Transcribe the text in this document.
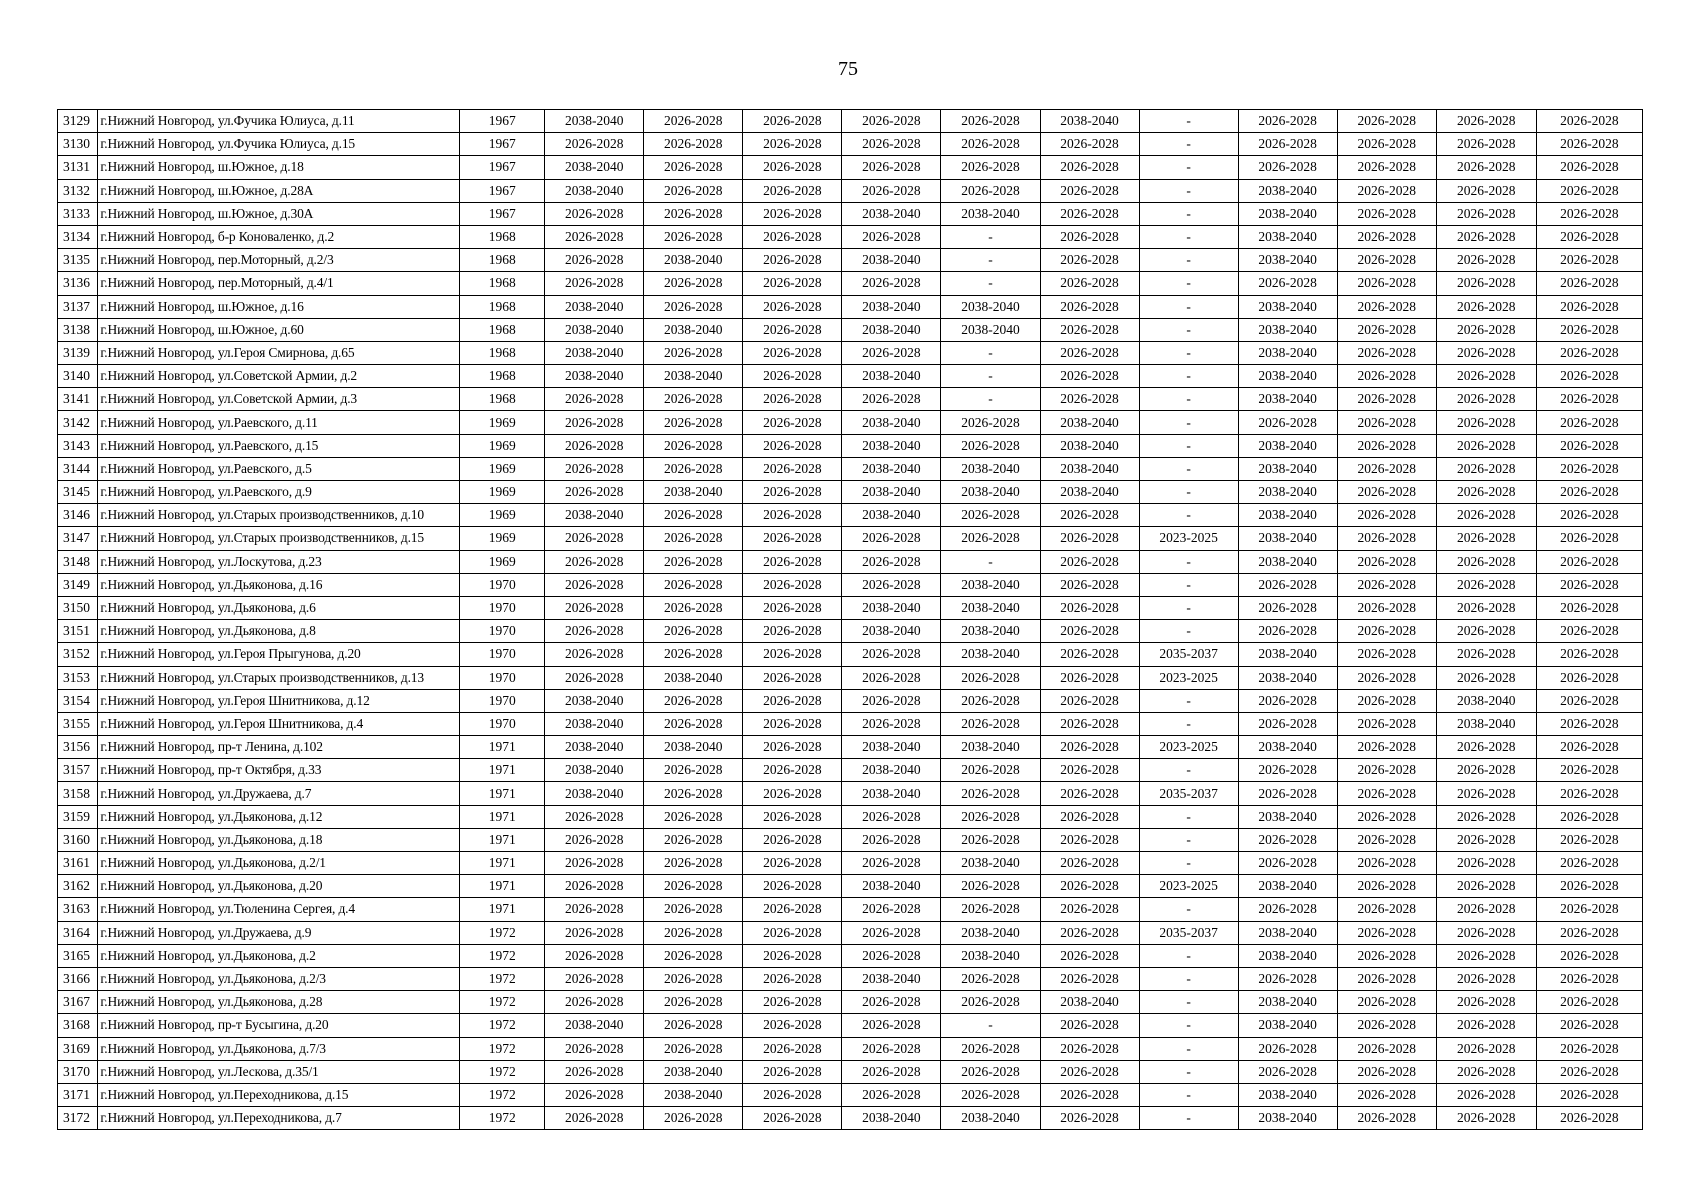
75
3129	г.Нижний Новгород, ул.Фучика Юлиуса, д.11	1967	2038-2040	2026-2028	2026-2028	2026-2028	2026-2028	2038-2040	-	2026-2028	2026-2028	2026-2028	2026-2028
3130	г.Нижний Новгород, ул.Фучика Юлиуса, д.15	1967	2026-2028	2026-2028	2026-2028	2026-2028	2026-2028	2026-2028	-	2026-2028	2026-2028	2026-2028	2026-2028
3131	г.Нижний Новгород, ш.Южное, д.18	1967	2038-2040	2026-2028	2026-2028	2026-2028	2026-2028	2026-2028	-	2026-2028	2026-2028	2026-2028	2026-2028
3132	г.Нижний Новгород, ш.Южное, д.28А	1967	2038-2040	2026-2028	2026-2028	2026-2028	2026-2028	2026-2028	-	2038-2040	2026-2028	2026-2028	2026-2028
3133	г.Нижний Новгород, ш.Южное, д.30А	1967	2026-2028	2026-2028	2026-2028	2038-2040	2038-2040	2026-2028	-	2038-2040	2026-2028	2026-2028	2026-2028
3134	г.Нижний Новгород, б-р Коноваленко, д.2	1968	2026-2028	2026-2028	2026-2028	2026-2028	-	2026-2028	-	2038-2040	2026-2028	2026-2028	2026-2028
3135	г.Нижний Новгород, пер.Моторный, д.2/3	1968	2026-2028	2038-2040	2026-2028	2038-2040	-	2026-2028	-	2038-2040	2026-2028	2026-2028	2026-2028
3136	г.Нижний Новгород, пер.Моторный, д.4/1	1968	2026-2028	2026-2028	2026-2028	2026-2028	-	2026-2028	-	2026-2028	2026-2028	2026-2028	2026-2028
3137	г.Нижний Новгород, ш.Южное, д.16	1968	2038-2040	2026-2028	2026-2028	2038-2040	2038-2040	2026-2028	-	2038-2040	2026-2028	2026-2028	2026-2028
3138	г.Нижний Новгород, ш.Южное, д.60	1968	2038-2040	2038-2040	2026-2028	2038-2040	2038-2040	2026-2028	-	2038-2040	2026-2028	2026-2028	2026-2028
3139	г.Нижний Новгород, ул.Героя Смирнова, д.65	1968	2038-2040	2026-2028	2026-2028	2026-2028	-	2026-2028	-	2038-2040	2026-2028	2026-2028	2026-2028
3140	г.Нижний Новгород, ул.Советской Армии, д.2	1968	2038-2040	2038-2040	2026-2028	2038-2040	-	2026-2028	-	2038-2040	2026-2028	2026-2028	2026-2028
3141	г.Нижний Новгород, ул.Советской Армии, д.3	1968	2026-2028	2026-2028	2026-2028	2026-2028	-	2026-2028	-	2038-2040	2026-2028	2026-2028	2026-2028
3142	г.Нижний Новгород, ул.Раевского, д.11	1969	2026-2028	2026-2028	2026-2028	2038-2040	2026-2028	2038-2040	-	2026-2028	2026-2028	2026-2028	2026-2028
3143	г.Нижний Новгород, ул.Раевского, д.15	1969	2026-2028	2026-2028	2026-2028	2038-2040	2026-2028	2038-2040	-	2038-2040	2026-2028	2026-2028	2026-2028
3144	г.Нижний Новгород, ул.Раевского, д.5	1969	2026-2028	2026-2028	2026-2028	2038-2040	2038-2040	2038-2040	-	2038-2040	2026-2028	2026-2028	2026-2028
3145	г.Нижний Новгород, ул.Раевского, д.9	1969	2026-2028	2038-2040	2026-2028	2038-2040	2038-2040	2038-2040	-	2038-2040	2026-2028	2026-2028	2026-2028
3146	г.Нижний Новгород, ул.Старых производственников, д.10	1969	2038-2040	2026-2028	2026-2028	2038-2040	2026-2028	2026-2028	-	2038-2040	2026-2028	2026-2028	2026-2028
3147	г.Нижний Новгород, ул.Старых производственников, д.15	1969	2026-2028	2026-2028	2026-2028	2026-2028	2026-2028	2026-2028	2023-2025	2038-2040	2026-2028	2026-2028	2026-2028
3148	г.Нижний Новгород, ул.Лоскутова, д.23	1969	2026-2028	2026-2028	2026-2028	2026-2028	-	2026-2028	-	2038-2040	2026-2028	2026-2028	2026-2028
3149	г.Нижний Новгород, ул.Дьяконова, д.16	1970	2026-2028	2026-2028	2026-2028	2026-2028	2038-2040	2026-2028	-	2026-2028	2026-2028	2026-2028	2026-2028
3150	г.Нижний Новгород, ул.Дьяконова, д.6	1970	2026-2028	2026-2028	2026-2028	2038-2040	2038-2040	2026-2028	-	2026-2028	2026-2028	2026-2028	2026-2028
3151	г.Нижний Новгород, ул.Дьяконова, д.8	1970	2026-2028	2026-2028	2026-2028	2038-2040	2038-2040	2026-2028	-	2026-2028	2026-2028	2026-2028	2026-2028
3152	г.Нижний Новгород, ул.Героя Прыгунова, д.20	1970	2026-2028	2026-2028	2026-2028	2026-2028	2038-2040	2026-2028	2035-2037	2038-2040	2026-2028	2026-2028	2026-2028
3153	г.Нижний Новгород, ул.Старых производственников, д.13	1970	2026-2028	2038-2040	2026-2028	2026-2028	2026-2028	2026-2028	2023-2025	2038-2040	2026-2028	2026-2028	2026-2028
3154	г.Нижний Новгород, ул.Героя Шнитникова, д.12	1970	2038-2040	2026-2028	2026-2028	2026-2028	2026-2028	2026-2028	-	2026-2028	2026-2028	2038-2040	2026-2028
3155	г.Нижний Новгород, ул.Героя Шнитникова, д.4	1970	2038-2040	2026-2028	2026-2028	2026-2028	2026-2028	2026-2028	-	2026-2028	2026-2028	2038-2040	2026-2028
3156	г.Нижний Новгород, пр-т Ленина, д.102	1971	2038-2040	2038-2040	2026-2028	2038-2040	2038-2040	2026-2028	2023-2025	2038-2040	2026-2028	2026-2028	2026-2028
3157	г.Нижний Новгород, пр-т Октября, д.33	1971	2038-2040	2026-2028	2026-2028	2038-2040	2026-2028	2026-2028	-	2026-2028	2026-2028	2026-2028	2026-2028
3158	г.Нижний Новгород, ул.Дружаева, д.7	1971	2038-2040	2026-2028	2026-2028	2038-2040	2026-2028	2026-2028	2035-2037	2026-2028	2026-2028	2026-2028	2026-2028
3159	г.Нижний Новгород, ул.Дьяконова, д.12	1971	2026-2028	2026-2028	2026-2028	2026-2028	2026-2028	2026-2028	-	2038-2040	2026-2028	2026-2028	2026-2028
3160	г.Нижний Новгород, ул.Дьяконова, д.18	1971	2026-2028	2026-2028	2026-2028	2026-2028	2026-2028	2026-2028	-	2026-2028	2026-2028	2026-2028	2026-2028
3161	г.Нижний Новгород, ул.Дьяконова, д.2/1	1971	2026-2028	2026-2028	2026-2028	2026-2028	2038-2040	2026-2028	-	2026-2028	2026-2028	2026-2028	2026-2028
3162	г.Нижний Новгород, ул.Дьяконова, д.20	1971	2026-2028	2026-2028	2026-2028	2038-2040	2026-2028	2026-2028	2023-2025	2038-2040	2026-2028	2026-2028	2026-2028
3163	г.Нижний Новгород, ул.Тюленина Сергея, д.4	1971	2026-2028	2026-2028	2026-2028	2026-2028	2026-2028	2026-2028	-	2026-2028	2026-2028	2026-2028	2026-2028
3164	г.Нижний Новгород, ул.Дружаева, д.9	1972	2026-2028	2026-2028	2026-2028	2026-2028	2038-2040	2026-2028	2035-2037	2038-2040	2026-2028	2026-2028	2026-2028
3165	г.Нижний Новгород, ул.Дьяконова, д.2	1972	2026-2028	2026-2028	2026-2028	2026-2028	2038-2040	2026-2028	-	2038-2040	2026-2028	2026-2028	2026-2028
3166	г.Нижний Новгород, ул.Дьяконова, д.2/3	1972	2026-2028	2026-2028	2026-2028	2038-2040	2026-2028	2026-2028	-	2026-2028	2026-2028	2026-2028	2026-2028
3167	г.Нижний Новгород, ул.Дьяконова, д.28	1972	2026-2028	2026-2028	2026-2028	2026-2028	2026-2028	2038-2040	-	2038-2040	2026-2028	2026-2028	2026-2028
3168	г.Нижний Новгород, пр-т Бусыгина, д.20	1972	2038-2040	2026-2028	2026-2028	2026-2028	-	2026-2028	-	2038-2040	2026-2028	2026-2028	2026-2028
3169	г.Нижний Новгород, ул.Дьяконова, д.7/3	1972	2026-2028	2026-2028	2026-2028	2026-2028	2026-2028	2026-2028	-	2026-2028	2026-2028	2026-2028	2026-2028
3170	г.Нижний Новгород, ул.Лескова, д.35/1	1972	2026-2028	2038-2040	2026-2028	2026-2028	2026-2028	2026-2028	-	2026-2028	2026-2028	2026-2028	2026-2028
3171	г.Нижний Новгород, ул.Переходникова, д.15	1972	2026-2028	2038-2040	2026-2028	2026-2028	2026-2028	2026-2028	-	2038-2040	2026-2028	2026-2028	2026-2028
3172	г.Нижний Новгород, ул.Переходникова, д.7	1972	2026-2028	2026-2028	2026-2028	2038-2040	2038-2040	2026-2028	-	2038-2040	2026-2028	2026-2028	2026-2028
